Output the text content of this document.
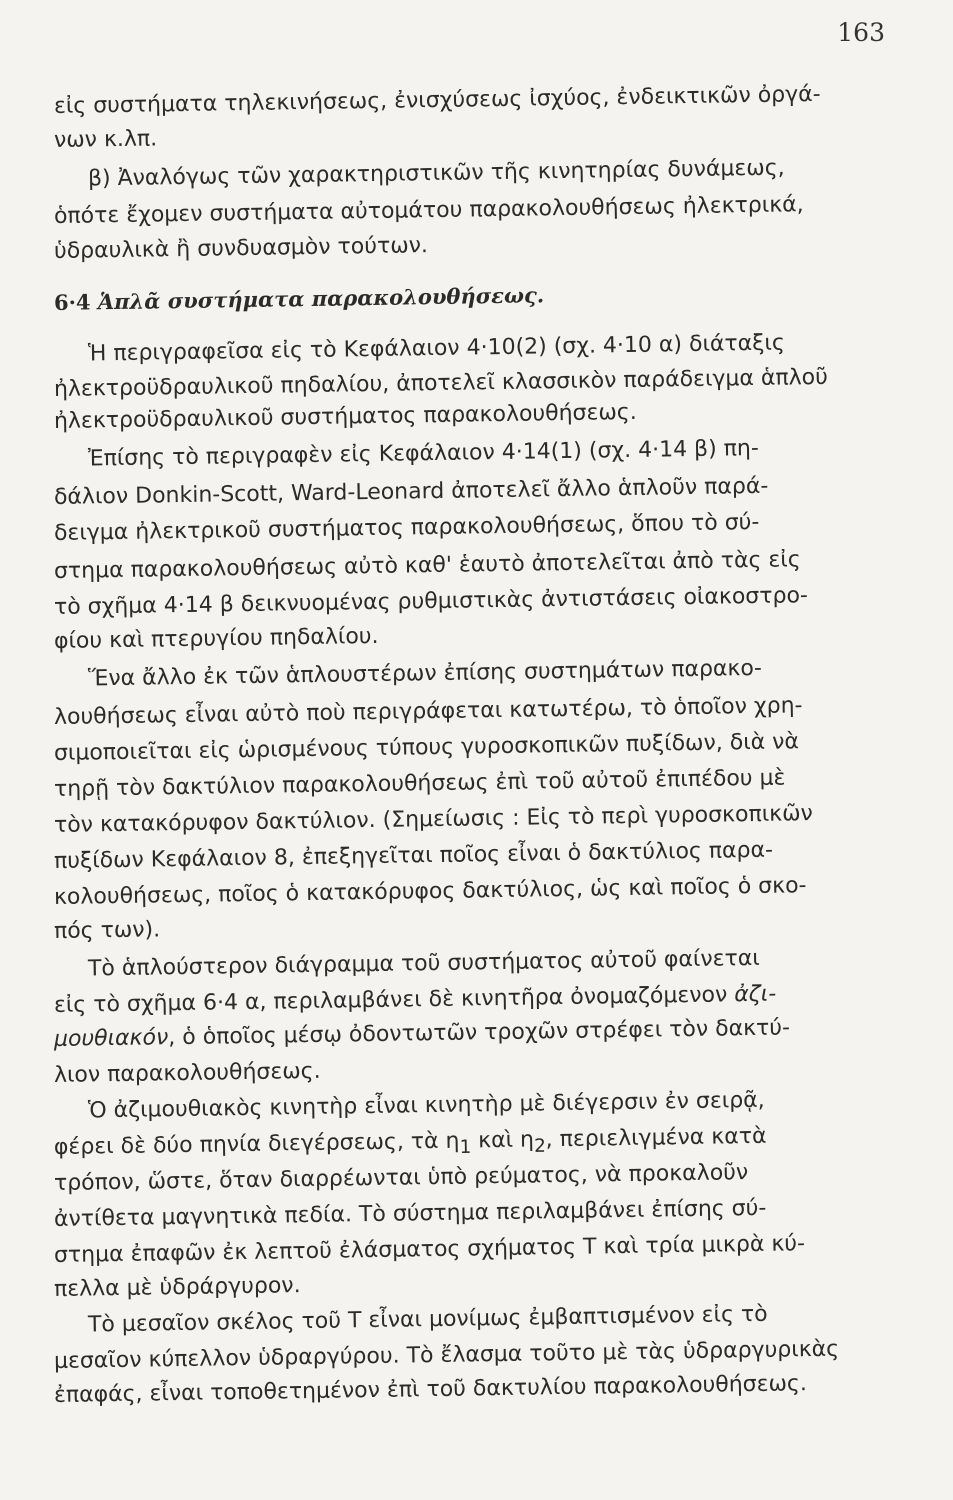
163
εἰς συστήματα τηλεκινήσεως, ἐνισχύσεως ἰσχύος, ἐνδεικτικῶν ὀργά-
νων κ.λπ.
β) Ἀναλόγως τῶν χαρακτηριστικῶν τῆς κινητηρίας δυνάμεως,
ὁπότε ἔχομεν συστήματα αὐτομάτου παρακολουθήσεως ἠλεκτρικά,
ὑδραυλικὰ ἢ συνδυασμὸν τούτων.
6·4 Ἁπλᾶ συστήματα παρακολουθήσεως.
Ἡ περιγραφεῖσα εἰς τὸ Κεφάλαιον 4·10(2) (σχ. 4·10 α) διάταξις
ἠλεκτροϋδραυλικοῦ πηδαλίου, ἀποτελεῖ κλασσικὸν παράδειγμα ἁπλοῦ
ἠλεκτροϋδραυλικοῦ συστήματος παρακολουθήσεως.
Ἐπίσης τὸ περιγραφὲν εἰς Κεφάλαιον 4·14(1) (σχ. 4·14 β) πη-
δάλιον Donkin-Scott, Ward-Leonard ἀποτελεῖ ἄλλο ἁπλοῦν παρά-
δειγμα ἠλεκτρικοῦ συστήματος παρακολουθήσεως, ὅπου τὸ σύ-
στημα παρακολουθήσεως αὐτὸ καθ' ἑαυτὸ ἀποτελεῖται ἀπὸ τὰς εἰς
τὸ σχῆμα 4·14 β δεικνυομένας ρυθμιστικὰς ἀντιστάσεις οἰακοστρο-
φίου καὶ πτερυγίου πηδαλίου.
Ἕνα ἄλλο ἐκ τῶν ἁπλουστέρων ἐπίσης συστημάτων παρακο-
λουθήσεως εἶναι αὐτὸ ποὺ περιγράφεται κατωτέρω, τὸ ὁποῖον χρη-
σιμοποιεῖται εἰς ὡρισμένους τύπους γυροσκοπικῶν πυξίδων, διὰ νὰ
τηρῇ τὸν δακτύλιον παρακολουθήσεως ἐπὶ τοῦ αὐτοῦ ἐπιπέδου μὲ
τὸν κατακόρυφον δακτύλιον. (Σημείωσις : Εἰς τὸ περὶ γυροσκοπικῶν
πυξίδων Κεφάλαιον 8, ἐπεξηγεῖται ποῖος εἶναι ὁ δακτύλιος παρα-
κολουθήσεως, ποῖος ὁ κατακόρυφος δακτύλιος, ὡς καὶ ποῖος ὁ σκο-
πός των).
Τὸ ἁπλούστερον διάγραμμα τοῦ συστήματος αὐτοῦ φαίνεται
εἰς τὸ σχῆμα 6·4 α, περιλαμβάνει δὲ κινητῆρα ὀνομαζόμενον ἀζι-
μουθιακόν, ὁ ὁποῖος μέσῳ ὀδοντωτῶν τροχῶν στρέφει τὸν δακτύ-
λιον παρακολουθήσεως.
Ὁ ἀζιμουθιακὸς κινητὴρ εἶναι κινητὴρ μὲ διέγερσιν ἐν σειρᾷ,
φέρει δὲ δύο πηνία διεγέρσεως, τὰ $\eta_1$ καὶ $\eta_2$, περιελιγμένα κατὰ
τρόπον, ὥστε, ὅταν διαρρέωνται ὑπὸ ρεύματος, νὰ προκαλοῦν
ἀντίθετα μαγνητικὰ πεδία. Τὸ σύστημα περιλαμβάνει ἐπίσης σύ-
στημα ἐπαφῶν ἐκ λεπτοῦ ἐλάσματος σχήματος Τ καὶ τρία μικρὰ κύ-
πελλα μὲ ὑδράργυρον.
Τὸ μεσαῖον σκέλος τοῦ Τ εἶναι μονίμως ἐμβαπτισμένον εἰς τὸ
μεσαῖον κύπελλον ὑδραργύρου. Τὸ ἔλασμα τοῦτο μὲ τὰς ὑδραργυρικὰς
ἐπαφάς, εἶναι τοποθετημένον ἐπὶ τοῦ δακτυλίου παρακολουθήσεως.
